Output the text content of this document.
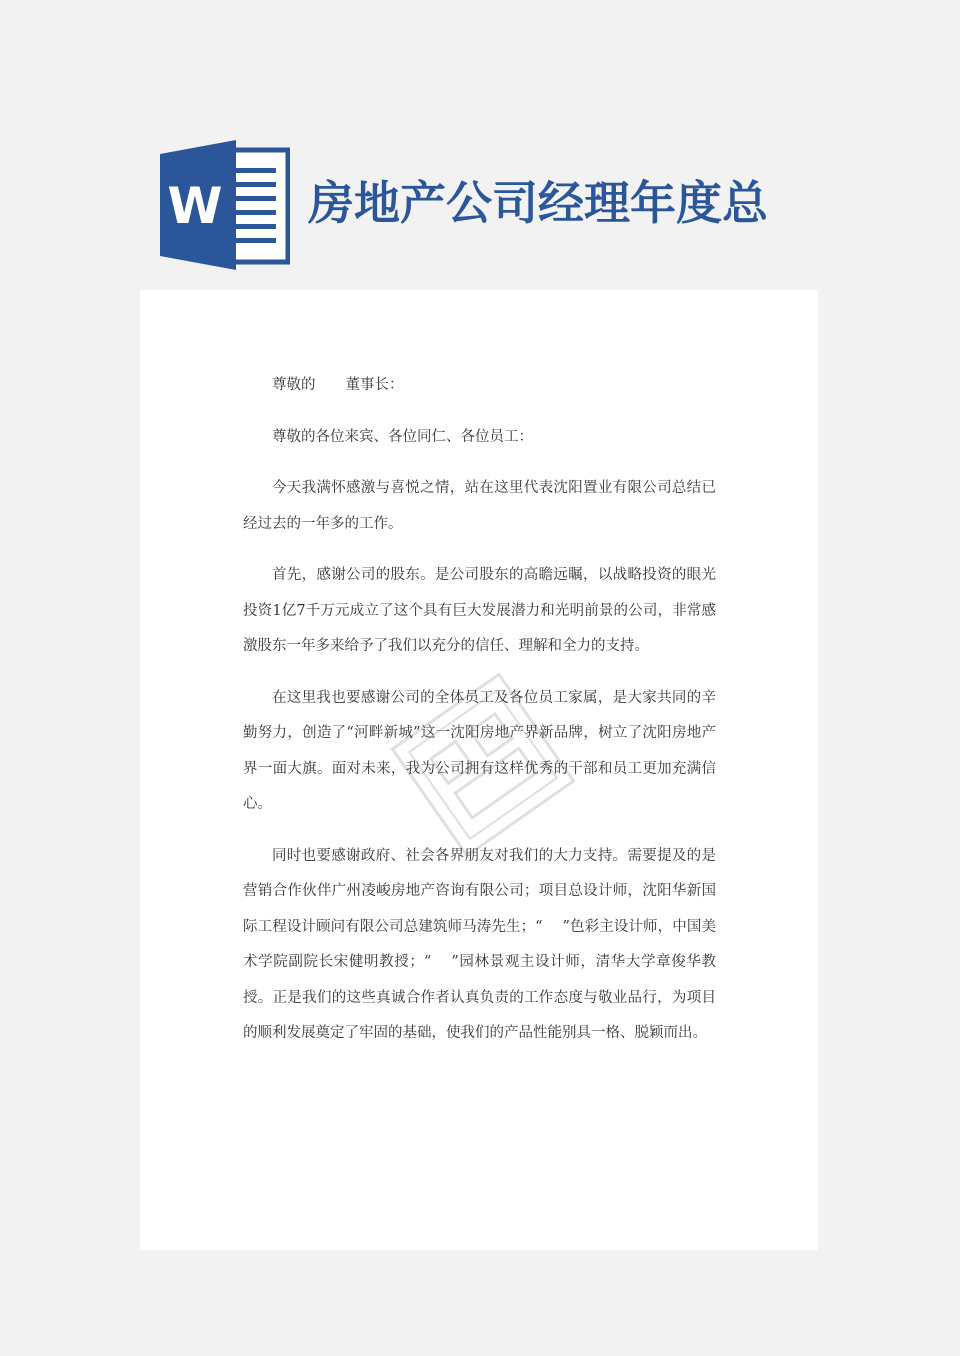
W 房地产公司经理年度总

尊敬的 董事长：

尊敬的各位来宾、各位同仁、各位员工：

今天我满怀感激与喜悦之情，站在这里代表沈阳置业有限公司总结已经过去的一年多的工作。

首先，感谢公司的股东。是公司股东的高瞻远瞩，以战略投资的眼光投资1亿7千万元成立了这个具有巨大发展潜力和光明前景的公司，非常感激股东一年多来给予了我们以充分的信任、理解和全力的支持。

在这里我也要感谢公司的全体员工及各位员工家属，是大家共同的辛勤努力，创造了“河畔新城”这一沈阳房地产界新品牌，树立了沈阳房地产界一面大旗。面对未来，我为公司拥有这样优秀的干部和员工更加充满信心。

同时也要感谢政府、社会各界朋友对我们的大力支持。需要提及的是营销合作伙伴广州凌峻房地产咨询有限公司；项目总设计师，沈阳华新国际工程设计顾问有限公司总建筑师马涛先生；“ ”色彩主设计师，中国美术学院副院长宋健明教授；“ ”园林景观主设计师，清华大学章俊华教授。正是我们的这些真诚合作者认真负责的工作态度与敬业品行，为项目的顺利发展奠定了牢固的基础，使我们的产品性能别具一格、脱颖而出。
